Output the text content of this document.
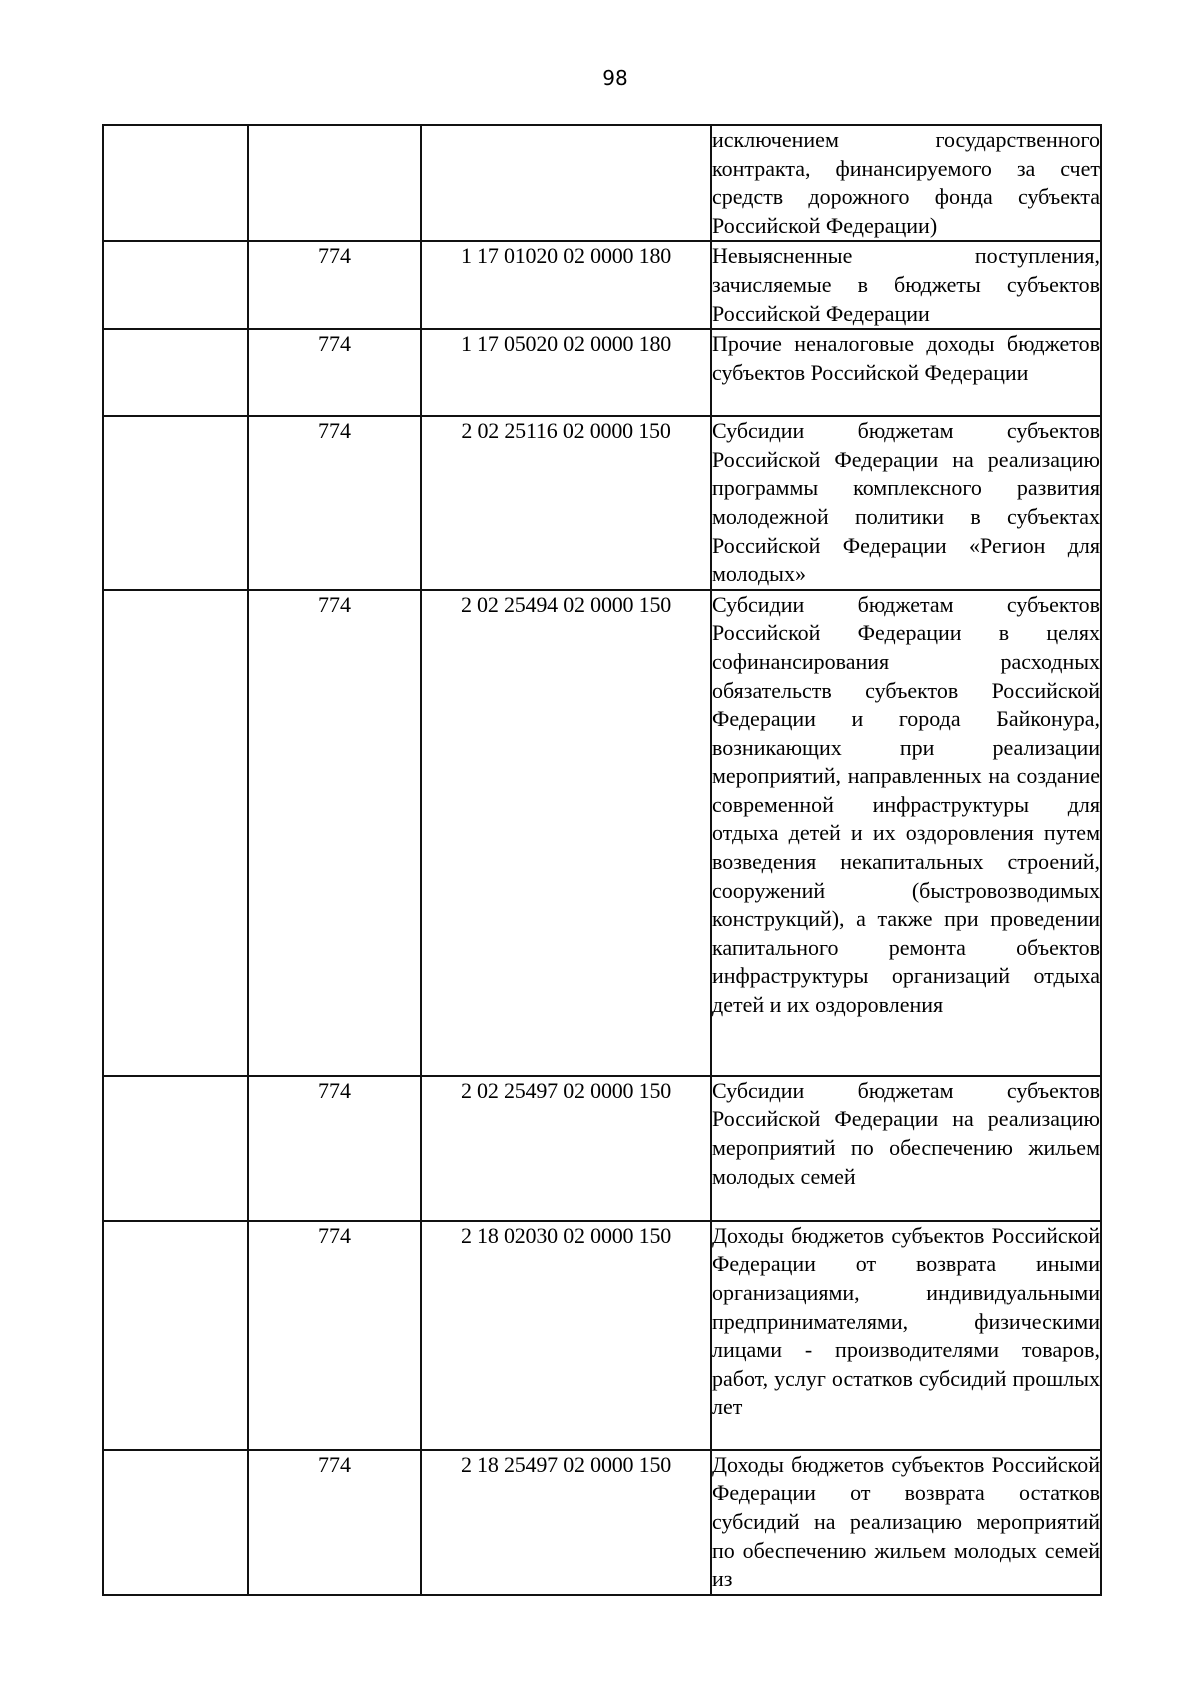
98

			исключением государственного контракта, финансируемого за счет средств дорожного фонда субъекта Российской Федерации)

	774	1 17 01020 02 0000 180	Невыясненные поступления, зачисляемые в бюджеты субъектов Российской Федерации

	774	1 17 05020 02 0000 180	Прочие неналоговые доходы бюджетов субъектов Российской Федерации

	774	2 02 25116 02 0000 150	Субсидии бюджетам субъектов Российской Федерации на реализацию программы комплексного развития молодежной политики в субъектах Российской Федерации «Регион для молодых»

	774	2 02 25494 02 0000 150	Субсидии бюджетам субъектов Российской Федерации в целях софинансирования расходных обязательств субъектов Российской Федерации и города Байконура, возникающих при реализации мероприятий, направленных на создание современной инфраструктуры для отдыха детей и их оздоровления путем возведения некапитальных строений, сооружений (быстровозводимых конструкций), а также при проведении капитального ремонта объектов инфраструктуры организаций отдыха детей и их оздоровления

	774	2 02 25497 02 0000 150	Субсидии бюджетам субъектов Российской Федерации на реализацию мероприятий по обеспечению жильем молодых семей

	774	2 18 02030 02 0000 150	Доходы бюджетов субъектов Российской Федерации от возврата иными организациями, индивидуальными предпринимателями, физическими лицами - производителями товаров, работ, услуг остатков субсидий прошлых лет

	774	2 18 25497 02 0000 150	Доходы бюджетов субъектов Российской Федерации от возврата остатков субсидий на реализацию мероприятий по обеспечению жильем молодых семей из
